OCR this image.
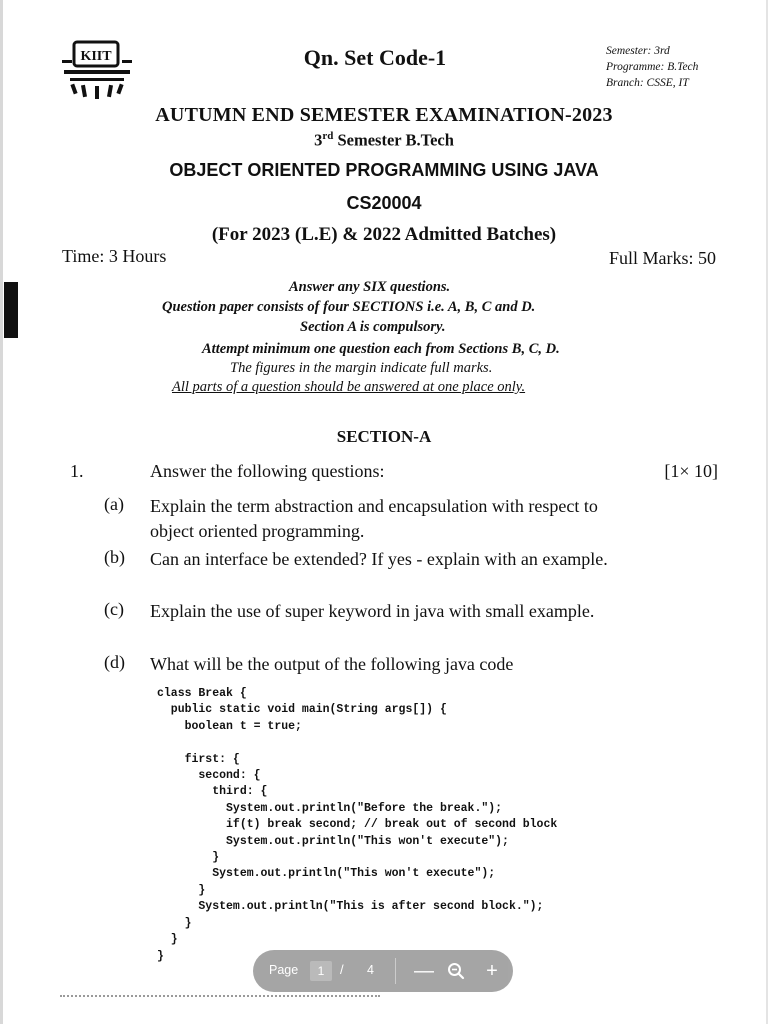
KIIT	Qn. Set Code-1	Semester: 3rd
Programme: B.Tech
Branch: CSSE, IT
AUTUMN END SEMESTER EXAMINATION-2023
3rd Semester B.Tech
OBJECT ORIENTED PROGRAMMING USING JAVA
CS20004
(For 2023 (L.E) & 2022 Admitted Batches)
Time: 3 Hours	Full Marks: 50
Answer any SIX questions.
Question paper consists of four SECTIONS i.e. A, B, C and D.
Section A is compulsory.
Attempt minimum one question each from Sections B, C, D.
The figures in the margin indicate full marks.
All parts of a question should be answered at one place only.
SECTION-A
1.	Answer the following questions:	[1× 10]
(a) Explain the term abstraction and encapsulation with respect to object oriented programming.
(b) Can an interface be extended? If yes - explain with an example.
(c) Explain the use of super keyword in java with small example.
(d) What will be the output of the following java code
class Break {
public static void main(String args[]) {
boolean t = true;

first: {
second: {
third: {
System.out.println("Before the break.");
if(t) break second; // break out of second block
System.out.println("This won't execute");
}
System.out.println("This won't execute");
}
System.out.println("This is after second block.");
}
}
}
Page	1	/ 4 —	+
